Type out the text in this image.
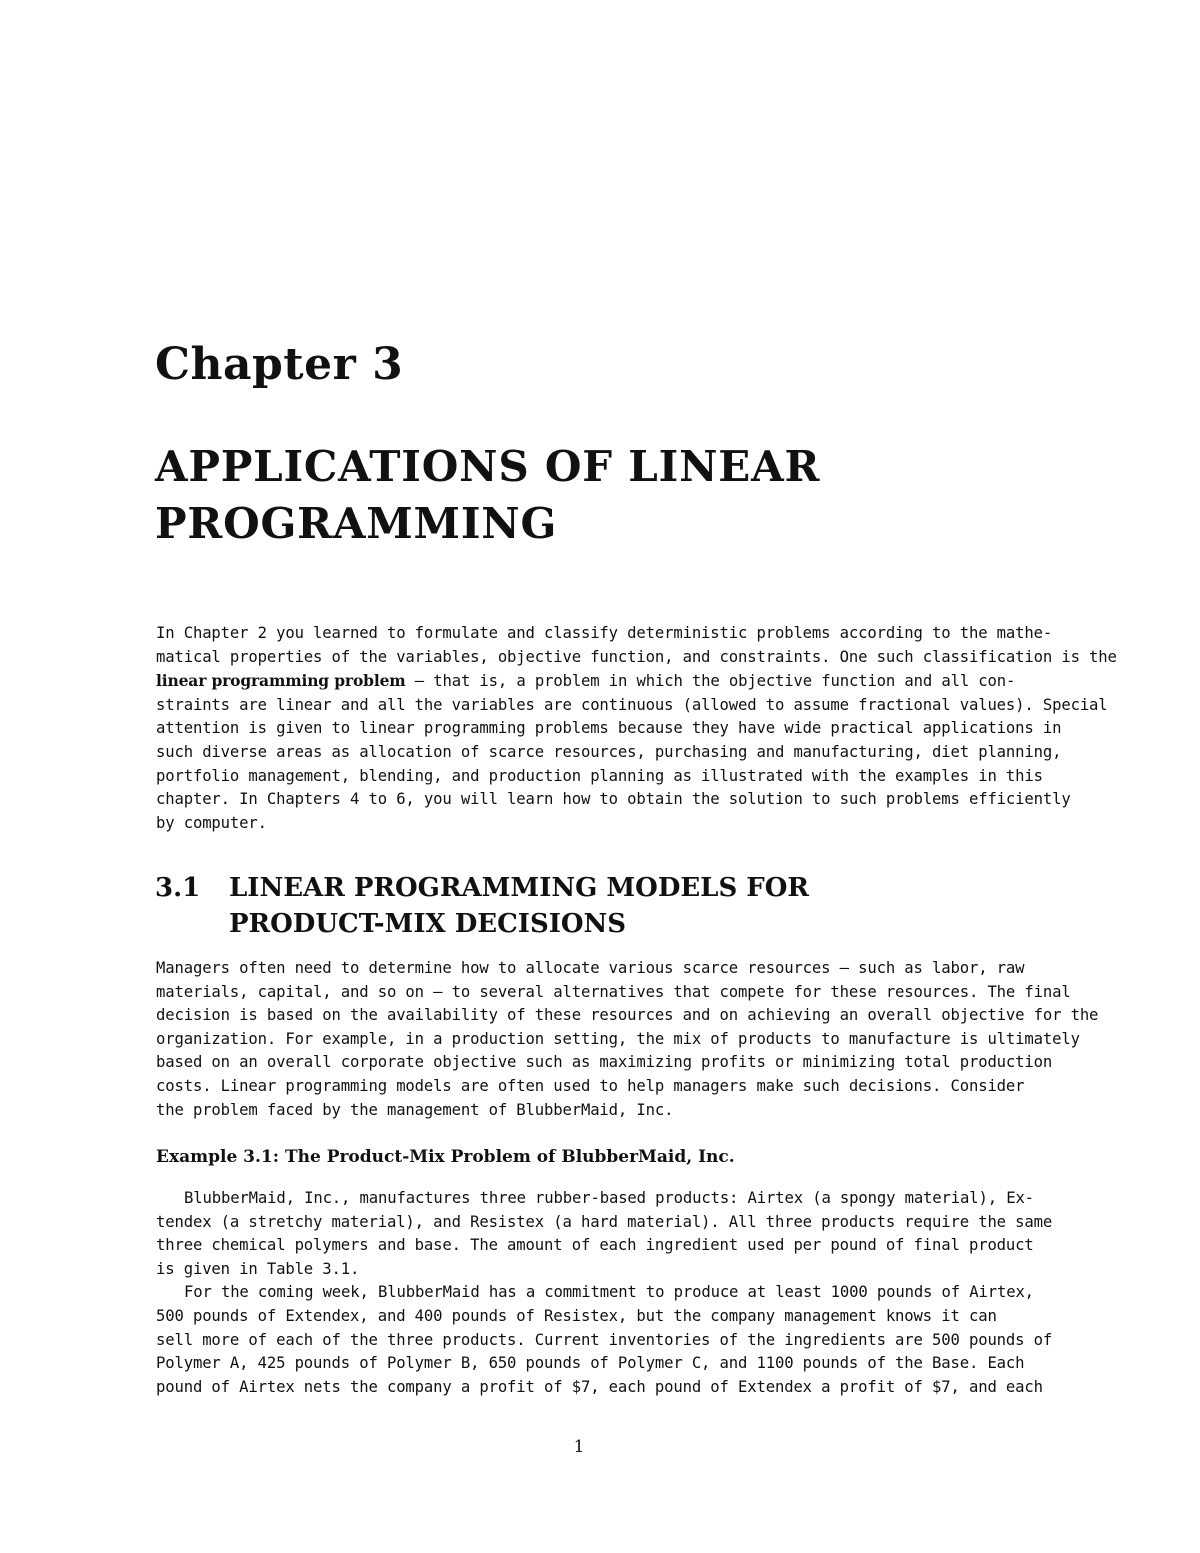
Chapter 3
APPLICATIONS OF LINEAR
PROGRAMMING
In Chapter 2 you learned to formulate and classify deterministic problems according to the mathe-
matical properties of the variables, objective function, and constraints. One such classification is the
linear programming problem – that is, a problem in which the objective function and all con-
straints are linear and all the variables are continuous (allowed to assume fractional values). Special
attention is given to linear programming problems because they have wide practical applications in
such diverse areas as allocation of scarce resources, purchasing and manufacturing, diet planning,
portfolio management, blending, and production planning as illustrated with the examples in this
chapter. In Chapters 4 to 6, you will learn how to obtain the solution to such problems efficiently
by computer.
3.1 LINEAR PROGRAMMING MODELS FOR
PRODUCT-MIX DECISIONS
Managers often need to determine how to allocate various scarce resources – such as labor, raw
materials, capital, and so on – to several alternatives that compete for these resources. The final
decision is based on the availability of these resources and on achieving an overall objective for the
organization. For example, in a production setting, the mix of products to manufacture is ultimately
based on an overall corporate objective such as maximizing profits or minimizing total production
costs. Linear programming models are often used to help managers make such decisions. Consider
the problem faced by the management of BlubberMaid, Inc.
Example 3.1: The Product-Mix Problem of BlubberMaid, Inc.
BlubberMaid, Inc., manufactures three rubber-based products: Airtex (a spongy material), Ex-
tendex (a stretchy material), and Resistex (a hard material). All three products require the same
three chemical polymers and base. The amount of each ingredient used per pound of final product
is given in Table 3.1.
For the coming week, BlubberMaid has a commitment to produce at least 1000 pounds of Airtex,
500 pounds of Extendex, and 400 pounds of Resistex, but the company management knows it can
sell more of each of the three products. Current inventories of the ingredients are 500 pounds of
Polymer A, 425 pounds of Polymer B, 650 pounds of Polymer C, and 1100 pounds of the Base. Each
pound of Airtex nets the company a profit of $7, each pound of Extendex a profit of $7, and each
1
